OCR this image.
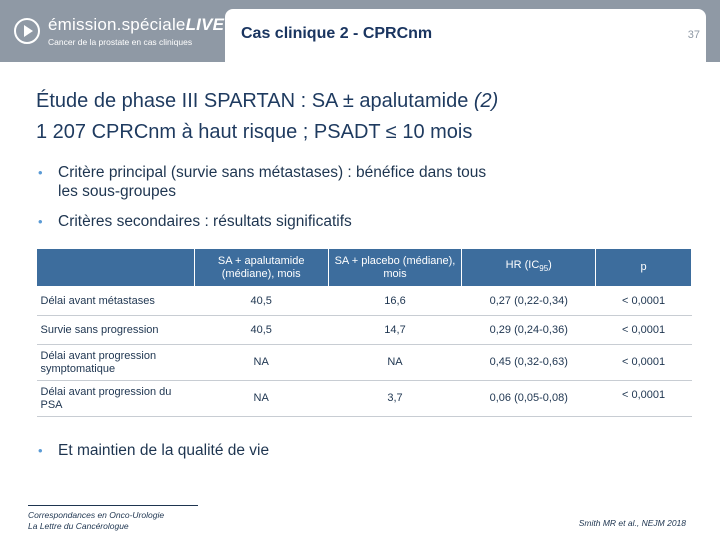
émission.spécialeLIVE
Cancer de la prostate en cas cliniques	Cas clinique 2 - CPRCnm	37
Étude de phase III SPARTAN : SA ± apalutamide (2)
1 207 CPRCnm à haut risque ; PSADT ≤ 10 mois
• Critère principal (survie sans métastases) : bénéfice dans tous les sous-groupes
• Critères secondaires : résultats significatifs
	SA + apalutamide (médiane), mois	SA + placebo (médiane), mois	HR $(IC_{95})$	p
Délai avant métastases	40,5	16,6	0,27 (0,22-0,34)	< 0,0001
Survie sans progression	40,5	14,7	0,29 (0,24-0,36)	< 0,0001
Délai avant progression symptomatique	NA	NA	0,45 (0,32-0,63)	< 0,0001
Délai avant progression du PSA	NA	3,7	0,06 (0,05-0,08)	< 0,0001
• Et maintien de la qualité de vie
Correspondances en Onco-Urologie
La Lettre du Cancérologue	Smith MR et al., NEJM 2018
